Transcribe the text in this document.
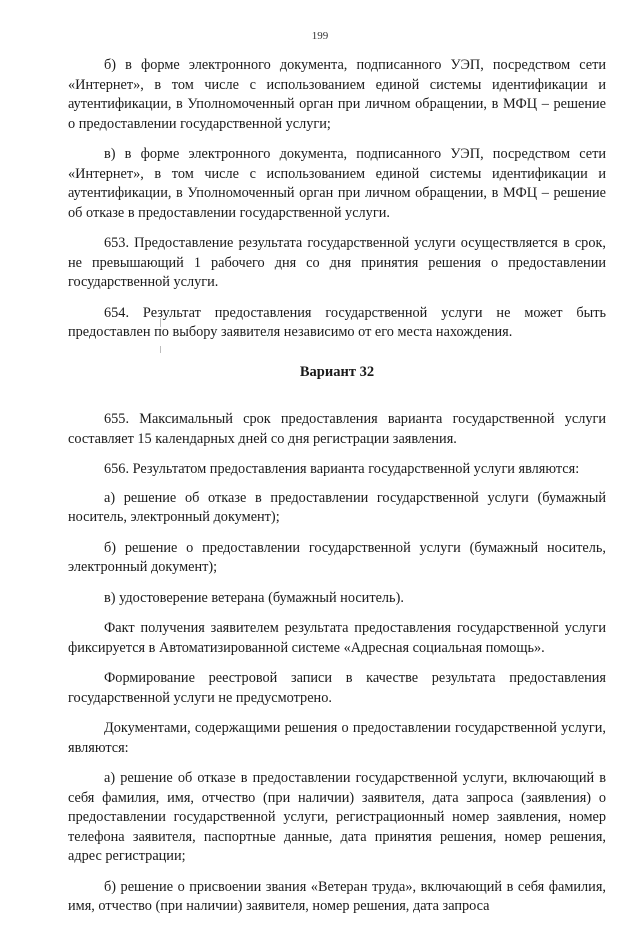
199

б) в форме электронного документа, подписанного УЭП, посредством сети «Интернет», в том числе с использованием единой системы идентификации и аутентификации, в Уполномоченный орган при личном обращении, в МФЦ – решение о предоставлении государственной услуги;

в) в форме электронного документа, подписанного УЭП, посредством сети «Интернет», в том числе с использованием единой системы идентификации и аутентификации, в Уполномоченный орган при личном обращении, в МФЦ – решение об отказе в предоставлении государственной услуги.

653. Предоставление результата государственной услуги осуществляется в срок, не превышающий 1 рабочего дня со дня принятия решения о предоставлении государственной услуги.

654. Результат предоставления государственной услуги не может быть предоставлен по выбору заявителя независимо от его места нахождения.

Вариант 32

655. Максимальный срок предоставления варианта государственной услуги составляет 15 календарных дней со дня регистрации заявления.

656. Результатом предоставления варианта государственной услуги являются:

а) решение об отказе в предоставлении государственной услуги (бумажный носитель, электронный документ);

б) решение о предоставлении государственной услуги (бумажный носитель, электронный документ);

в) удостоверение ветерана (бумажный носитель).

Факт получения заявителем результата предоставления государственной услуги фиксируется в Автоматизированной системе «Адресная социальная помощь».

Формирование реестровой записи в качестве результата предоставления государственной услуги не предусмотрено.

Документами, содержащими решения о предоставлении государственной услуги, являются:

а) решение об отказе в предоставлении государственной услуги, включающий в себя фамилия, имя, отчество (при наличии) заявителя, дата запроса (заявления) о предоставлении государственной услуги, регистрационный номер заявления, номер телефона заявителя, паспортные данные, дата принятия решения, номер решения, адрес регистрации;

б) решение о присвоении звания «Ветеран труда», включающий в себя фамилия, имя, отчество (при наличии) заявителя, номер решения, дата запроса
